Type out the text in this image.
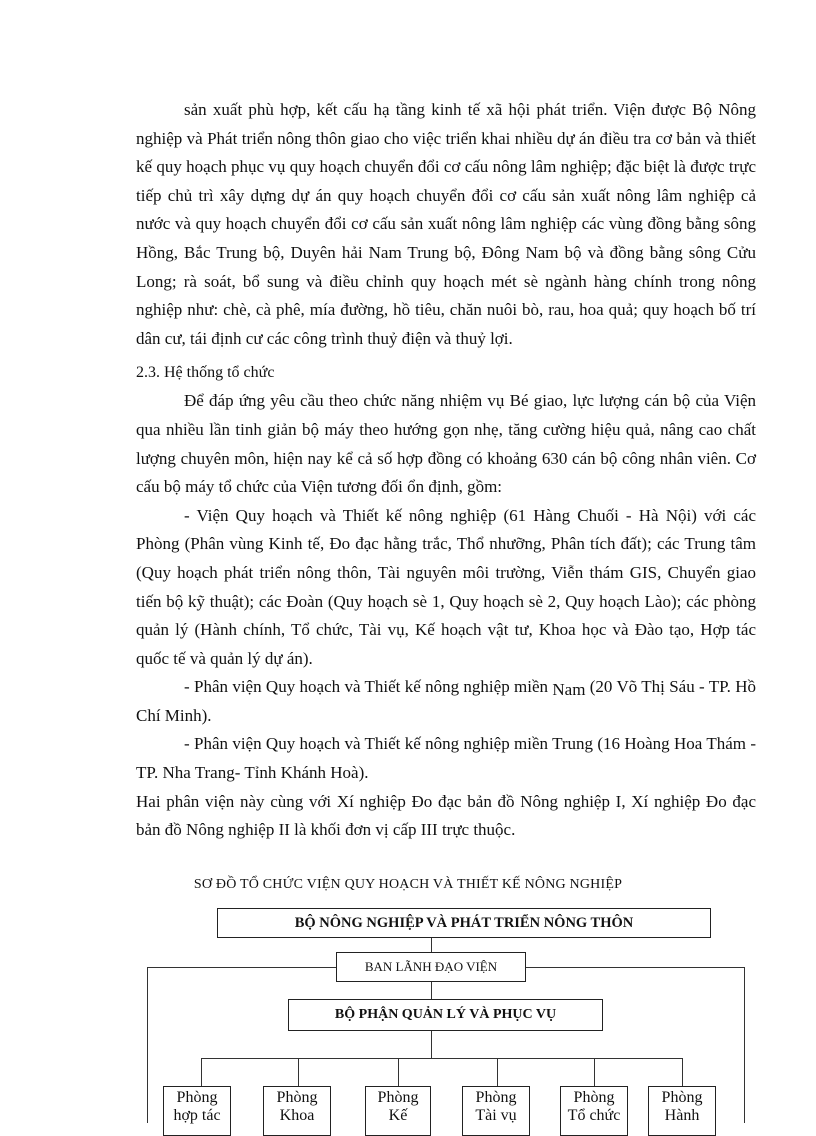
sản xuất phù hợp, kết cấu hạ tầng kinh tế xã hội phát triển. Viện được Bộ Nông nghiệp và Phát triển nông thôn giao cho việc triển khai nhiều dự án điều tra cơ bản và thiết kế quy hoạch phục vụ quy hoạch chuyển đổi cơ cấu nông lâm nghiệp; đặc biệt là được trực tiếp chủ trì xây dựng dự án quy hoạch chuyển đổi cơ cấu sản xuất nông lâm nghiệp cả nước và quy hoạch chuyển đổi cơ cấu sản xuất nông lâm nghiệp các vùng đồng bằng sông Hồng, Bắc Trung bộ, Duyên hải Nam Trung bộ, Đông Nam bộ và đồng bằng sông Cửu Long; rà soát, bổ sung và điều chỉnh quy hoạch mét sè ngành hàng chính trong nông nghiệp như: chè, cà phê, mía đường, hồ tiêu, chăn nuôi bò, rau, hoa quả; quy hoạch bố trí dân cư, tái định cư các công trình thuỷ điện và thuỷ lợi.

2.3. Hệ thống tổ chức

Để đáp ứng yêu cầu theo chức năng nhiệm vụ Bé giao, lực lượng cán bộ của Viện qua nhiều lần tinh giản bộ máy theo hướng gọn nhẹ, tăng cường hiệu quả, nâng cao chất lượng chuyên môn, hiện nay kể cả số hợp đồng có khoảng 630 cán bộ công nhân viên. Cơ cấu bộ máy tổ chức của Viện tương đối ổn định, gồm:

- Viện Quy hoạch và Thiết kế nông nghiệp (61 Hàng Chuối - Hà Nội) với các Phòng (Phân vùng Kinh tế, Đo đạc hằng trắc, Thổ nhưỡng, Phân tích đất); các Trung tâm (Quy hoạch phát triển nông thôn, Tài nguyên môi trường, Viễn thám GIS, Chuyển giao tiến bộ kỹ thuật); các Đoàn (Quy hoạch sè 1, Quy hoạch sè 2, Quy hoạch Lào); các phòng quản lý (Hành chính, Tổ chức, Tài vụ, Kế hoạch vật tư, Khoa học và Đào tạo, Hợp tác quốc tế và quản lý dự án).

- Phân viện Quy hoạch và Thiết kế nông nghiệp miền Nam (20 Võ Thị Sáu - TP. Hồ Chí Minh).

- Phân viện Quy hoạch và Thiết kế nông nghiệp miền Trung (16 Hoàng Hoa Thám - TP. Nha Trang- Tỉnh Khánh Hoà).

Hai phân viện này cùng với Xí nghiệp Đo đạc bản đồ Nông nghiệp I, Xí nghiệp Đo đạc bản đồ Nông nghiệp II là khối đơn vị cấp III trực thuộc.

SƠ ĐỒ TỔ CHỨC VIỆN QUY HOẠCH VÀ THIẾT KẾ NÔNG NGHIỆP
BỘ NÔNG NGHIỆP VÀ PHÁT TRIỂN NÔNG THÔN
BAN LÃNH ĐẠO VIỆN
BỘ PHẬN QUẢN LÝ VÀ PHỤC VỤ
Phòng
hợp tác
Phòng
Khoa
Phòng
Kế
Phòng
Tài vụ
Phòng
Tổ chức
Phòng
Hành
